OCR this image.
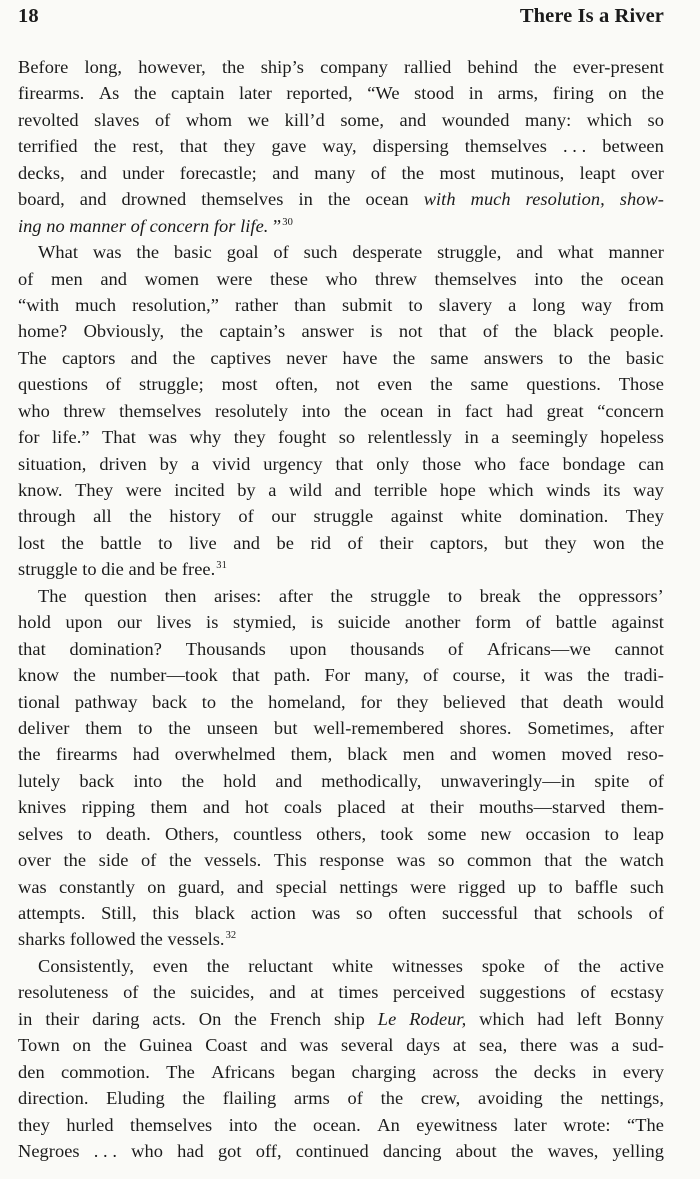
18	There Is a River
Before long, however, the ship’s company rallied behind the ever-present
firearms. As the captain later reported, “We stood in arms, firing on the
revolted slaves of whom we kill’d some, and wounded many: which so
terrified the rest, that they gave way, dispersing themselves . . . between
decks, and under forecastle; and many of the most mutinous, leapt over
board, and drowned themselves in the ocean with much resolution, show-
ing no manner of concern for life. ”$^{30}$
What was the basic goal of such desperate struggle, and what manner
of men and women were these who threw themselves into the ocean
“with much resolution,” rather than submit to slavery a long way from
home? Obviously, the captain’s answer is not that of the black people.
The captors and the captives never have the same answers to the basic
questions of struggle; most often, not even the same questions. Those
who threw themselves resolutely into the ocean in fact had great “concern
for life.” That was why they fought so relentlessly in a seemingly hopeless
situation, driven by a vivid urgency that only those who face bondage can
know. They were incited by a wild and terrible hope which winds its way
through all the history of our struggle against white domination. They
lost the battle to live and be rid of their captors, but they won the
struggle to die and be free.$^{31}$
The question then arises: after the struggle to break the oppressors’
hold upon our lives is stymied, is suicide another form of battle against
that domination? Thousands upon thousands of Africans—we cannot
know the number—took that path. For many, of course, it was the tradi-
tional pathway back to the homeland, for they believed that death would
deliver them to the unseen but well-remembered shores. Sometimes, after
the firearms had overwhelmed them, black men and women moved reso-
lutely back into the hold and methodically, unwaveringly—in spite of
knives ripping them and hot coals placed at their mouths—starved them-
selves to death. Others, countless others, took some new occasion to leap
over the side of the vessels. This response was so common that the watch
was constantly on guard, and special nettings were rigged up to baffle such
attempts. Still, this black action was so often successful that schools of
sharks followed the vessels.$^{32}$
Consistently, even the reluctant white witnesses spoke of the active
resoluteness of the suicides, and at times perceived suggestions of ecstasy
in their daring acts. On the French ship Le Rodeur, which had left Bonny
Town on the Guinea Coast and was several days at sea, there was a sud-
den commotion. The Africans began charging across the decks in every
direction. Eluding the flailing arms of the crew, avoiding the nettings,
they hurled themselves into the ocean. An eyewitness later wrote: “The
Negroes . . . who had got off, continued dancing about the waves, yelling
